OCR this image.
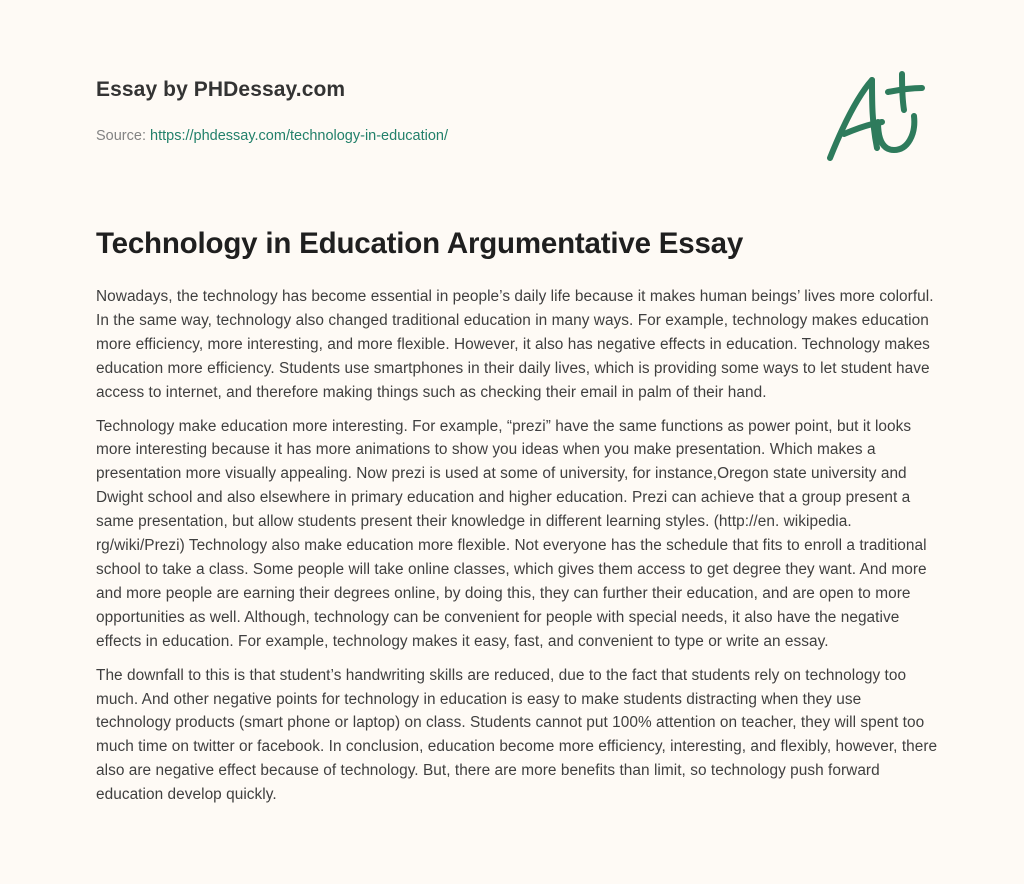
Essay by PHDessay.com
Source: https://phdessay.com/technology-in-education/
Technology in Education Argumentative Essay

Nowadays, the technology has become essential in people’s daily life because it makes human beings’ lives more colorful. In the same way, technology also changed traditional education in many ways. For example, technology makes education more efficiency, more interesting, and more flexible. However, it also has negative effects in education. Technology makes education more efficiency. Students use smartphones in their daily lives, which is providing some ways to let student have access to internet, and therefore making things such as checking their email in palm of their hand.

Technology make education more interesting. For example, “prezi” have the same functions as power point, but it looks more interesting because it has more animations to show you ideas when you make presentation. Which makes a presentation more visually appealing. Now prezi is used at some of university, for instance,Oregon state university and Dwight school and also elsewhere in primary education and higher education. Prezi can achieve that a group present a same presentation, but allow students present their knowledge in different learning styles. (http://en. wikipedia. rg/wiki/Prezi) Technology also make education more flexible. Not everyone has the schedule that fits to enroll a traditional school to take a class. Some people will take online classes, which gives them access to get degree they want. And more and more people are earning their degrees online, by doing this, they can further their education, and are open to more opportunities as well. Although, technology can be convenient for people with special needs, it also have the negative effects in education. For example, technology makes it easy, fast, and convenient to type or write an essay.

The downfall to this is that student’s handwriting skills are reduced, due to the fact that students rely on technology too much. And other negative points for technology in education is easy to make students distracting when they use technology products (smart phone or laptop) on class. Students cannot put 100% attention on teacher, they will spent too much time on twitter or facebook. In conclusion, education become more efficiency, interesting, and flexibly, however, there also are negative effect because of technology. But, there are more benefits than limit, so technology push forward education develop quickly.
